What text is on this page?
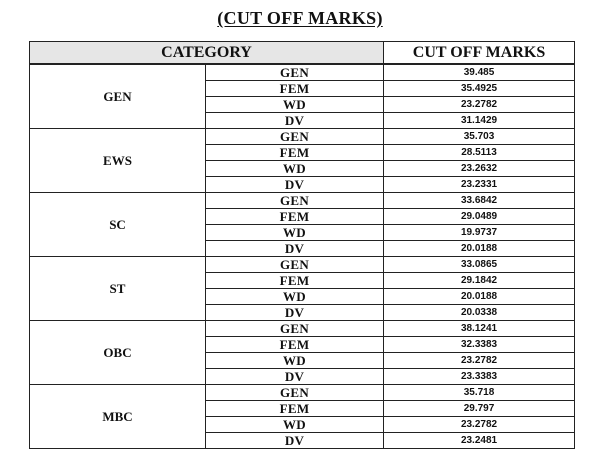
(CUT OFF MARKS)
CATEGORY		CUT OFF MARKS
GEN	GEN	39.485
	FEM	35.4925
	WD	23.2782
	DV	31.1429
EWS	GEN	35.703
	FEM	28.5113
	WD	23.2632
	DV	23.2331
SC	GEN	33.6842
	FEM	29.0489
	WD	19.9737
	DV	20.0188
ST	GEN	33.0865
	FEM	29.1842
	WD	20.0188
	DV	20.0338
OBC	GEN	38.1241
	FEM	32.3383
	WD	23.2782
	DV	23.3383
MBC	GEN	35.718
	FEM	29.797
	WD	23.2782
	DV	23.2481
